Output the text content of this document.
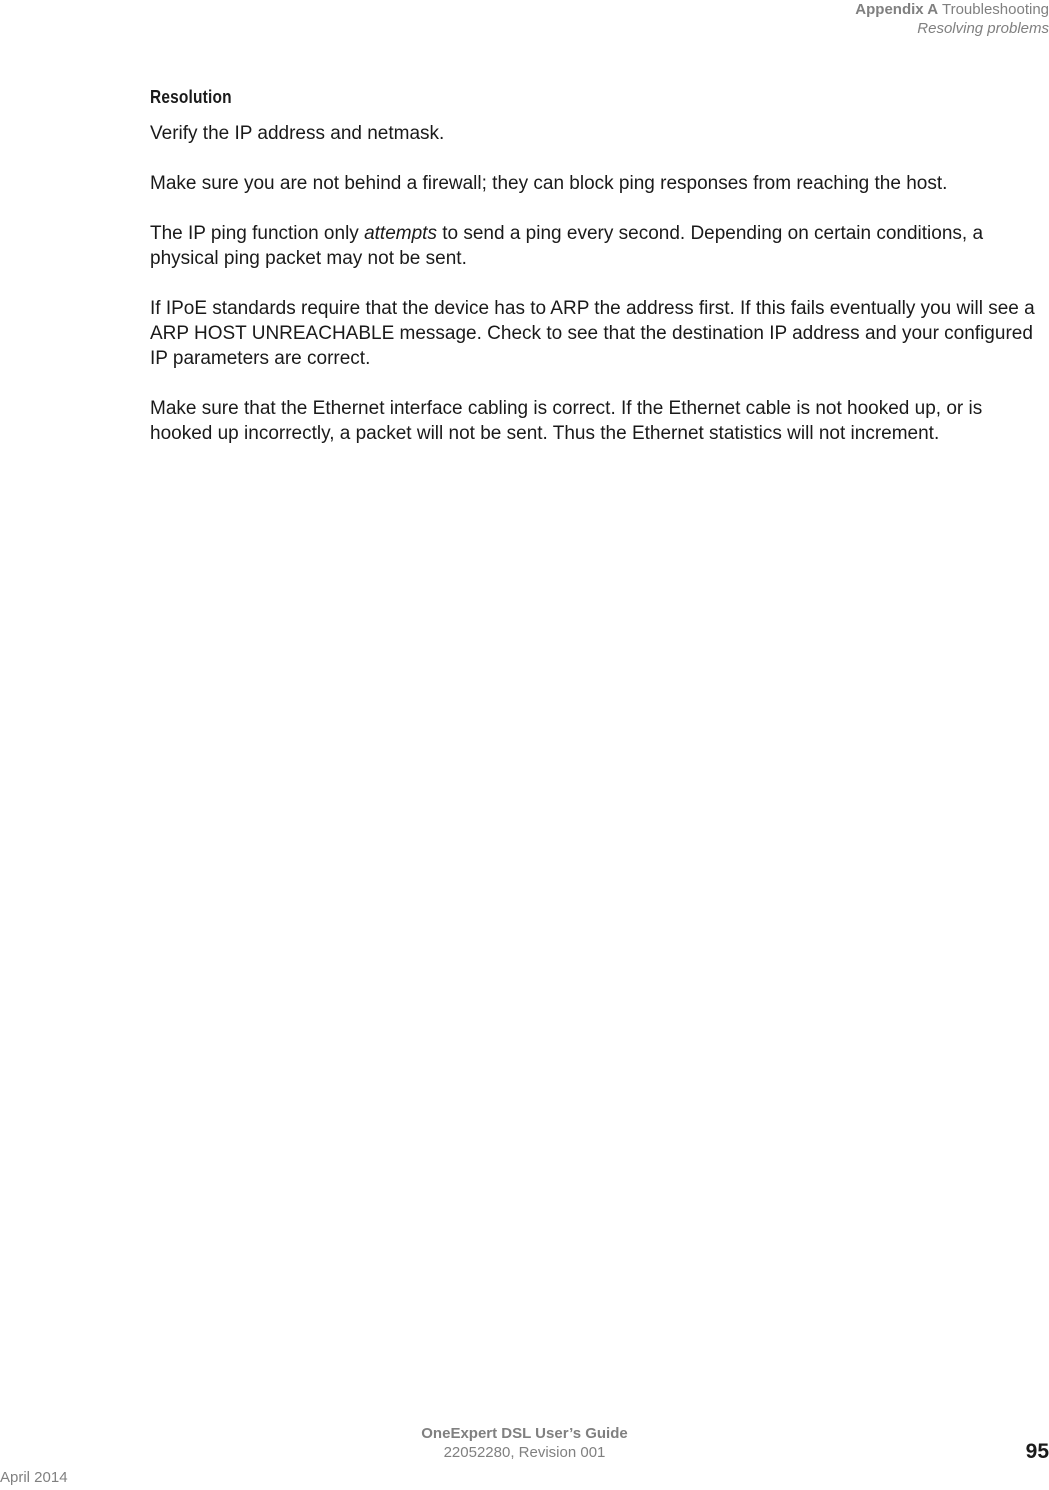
Appendix A Troubleshooting
Resolving problems
Resolution

Verify the IP address and netmask.

Make sure you are not behind a firewall; they can block ping responses from reaching the host.

The IP ping function only attempts to send a ping every second. Depending on certain conditions, a physical ping packet may not be sent.

If IPoE standards require that the device has to ARP the address first. If this fails eventually you will see a ARP HOST UNREACHABLE message. Check to see that the destination IP address and your configured IP parameters are correct.

Make sure that the Ethernet interface cabling is correct. If the Ethernet cable is not hooked up, or is hooked up incorrectly, a packet will not be sent. Thus the Ethernet statistics will not increment.

OneExpert DSL User’s Guide
22052280, Revision 001
April 2014
95
